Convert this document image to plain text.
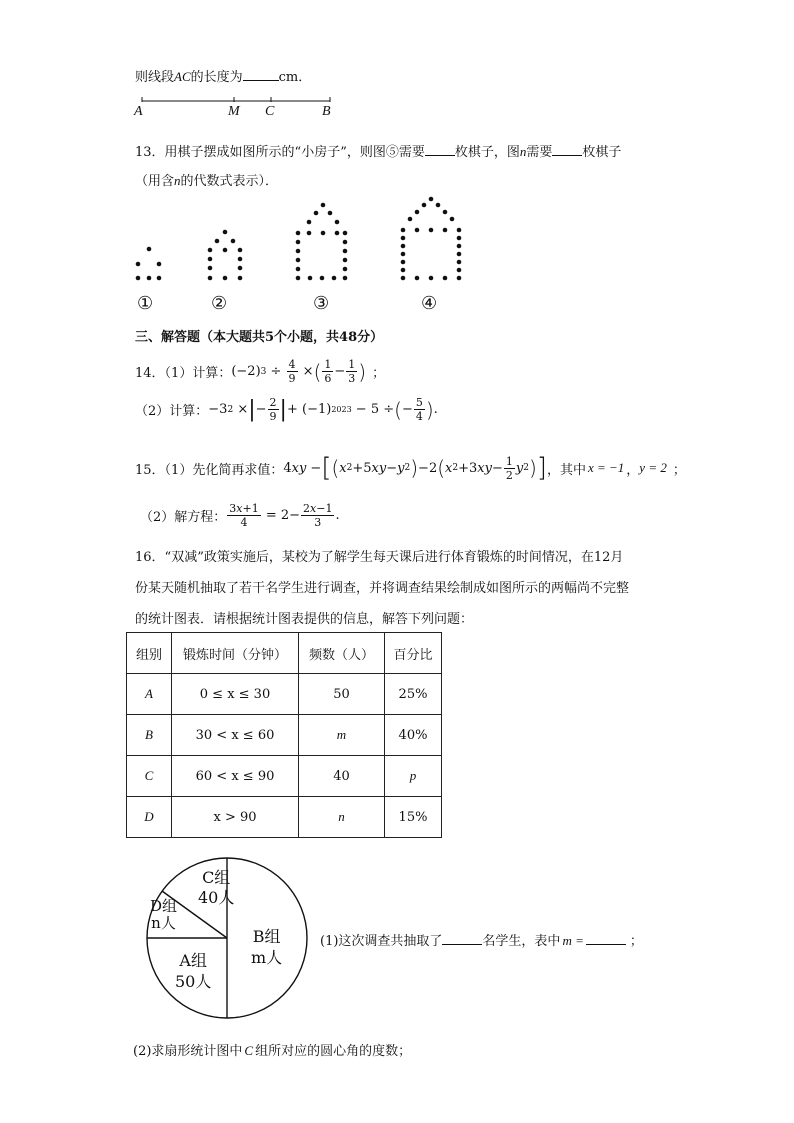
则线段AC的长度为	cm．
A	M C	B
13．用棋子摆成如图所示的“小房子”，则图⑤需要 枚棋子，图n需要 枚棋子
（用含n的代数式表示）．
①	②	③	④
三、解答题（本大题共5个小题，共48分）
14．（1）计算： (−2) $3 \div \frac{4}{9}$ × ( $\frac{1}{6} - \frac{1}{3}$ ) ；
（2）计算： −3 2 × | − $\frac{2}{9}$ | + (−1) 2023 − 5 ÷ ( − $\frac{5}{4}$ ) .
15．（1）先化简再求值： 4 xy − [ ( x 2 +5 xy − y 2 ) −2 ( x 2 +3 xy − $\frac{1}{2}$ y 2 ) ] ，其中 x = −1 ， y = 2 ；
（2）解方程： $\frac{3x+1}{4} = 2- \frac{2x-1}{3}$ .
16．“双减”政策实施后，某校为了解学生每天课后进行体育锻炼的时间情况，在12月
份某天随机抽取了若干名学生进行调查，并将调查结果绘制成如图所示的两幅尚不完整
的统计图表．请根据统计图表提供的信息，解答下列问题：
组别	锻炼时间（分钟）	频数（人）	百分比
A	0 ≤ x ≤ 30	50	25%
B	30 < x ≤ 60	m	40%
C	60 < x ≤ 90	40	p
D	x > 90	n	15%
C组
40人
D组
n人
A组
50人
B组
m人
(1)这次调查共抽取了	名学生，表中 m =	；
(2)求扇形统计图中 C 组所对应的圆心角的度数；
